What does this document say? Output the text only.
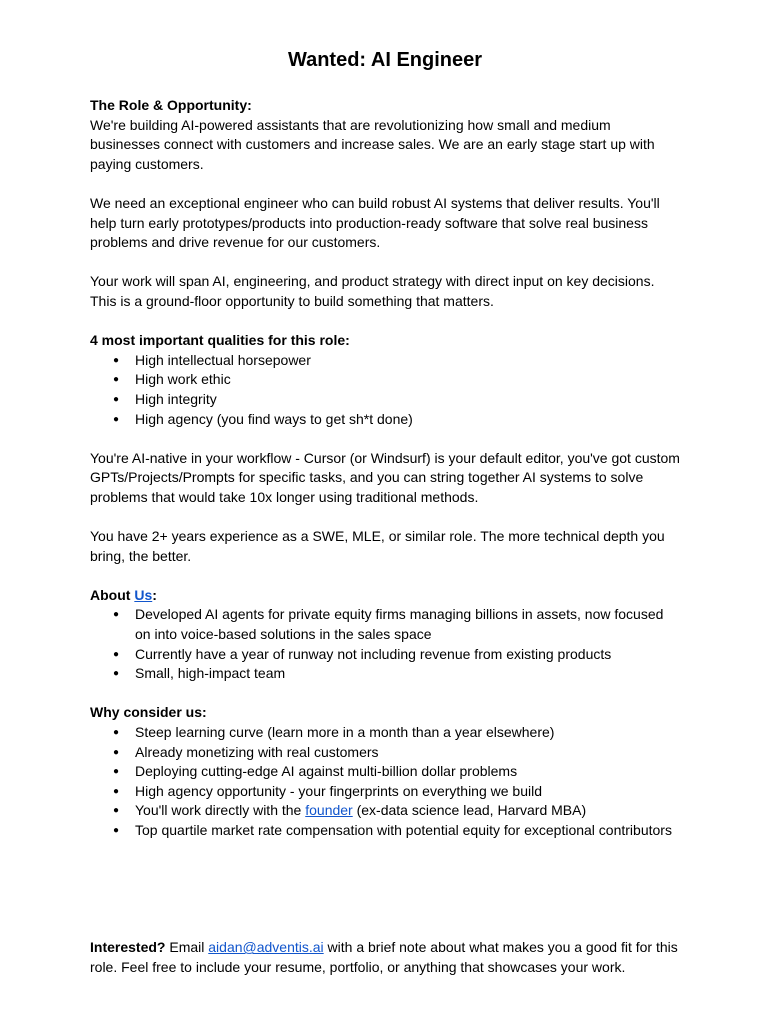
Wanted: AI Engineer

The Role & Opportunity:
We're building AI-powered assistants that are revolutionizing how small and medium businesses connect with customers and increase sales. We are an early stage start up with paying customers.

We need an exceptional engineer who can build robust AI systems that deliver results. You'll help turn early prototypes/products into production-ready software that solve real business problems and drive revenue for our customers.

Your work will span AI, engineering, and product strategy with direct input on key decisions. This is a ground-floor opportunity to build something that matters.

4 most important qualities for this role:
● High intellectual horsepower
● High work ethic
● High integrity
● High agency (you find ways to get sh*t done)

You're AI-native in your workflow - Cursor (or Windsurf) is your default editor, you've got custom GPTs/Projects/Prompts for specific tasks, and you can string together AI systems to solve problems that would take 10x longer using traditional methods.

You have 2+ years experience as a SWE, MLE, or similar role. The more technical depth you bring, the better.

About Us:
● Developed AI agents for private equity firms managing billions in assets, now focused on into voice-based solutions in the sales space
● Currently have a year of runway not including revenue from existing products
● Small, high-impact team
Why consider us:
● Steep learning curve (learn more in a month than a year elsewhere)
● Already monetizing with real customers
● Deploying cutting-edge AI against multi-billion dollar problems
● High agency opportunity - your fingerprints on everything we build
● You'll work directly with the founder (ex-data science lead, Harvard MBA)
● Top quartile market rate compensation with potential equity for exceptional contributors

Interested? Email aidan@adventis.ai with a brief note about what makes you a good fit for this role. Feel free to include your resume, portfolio, or anything that showcases your work.
